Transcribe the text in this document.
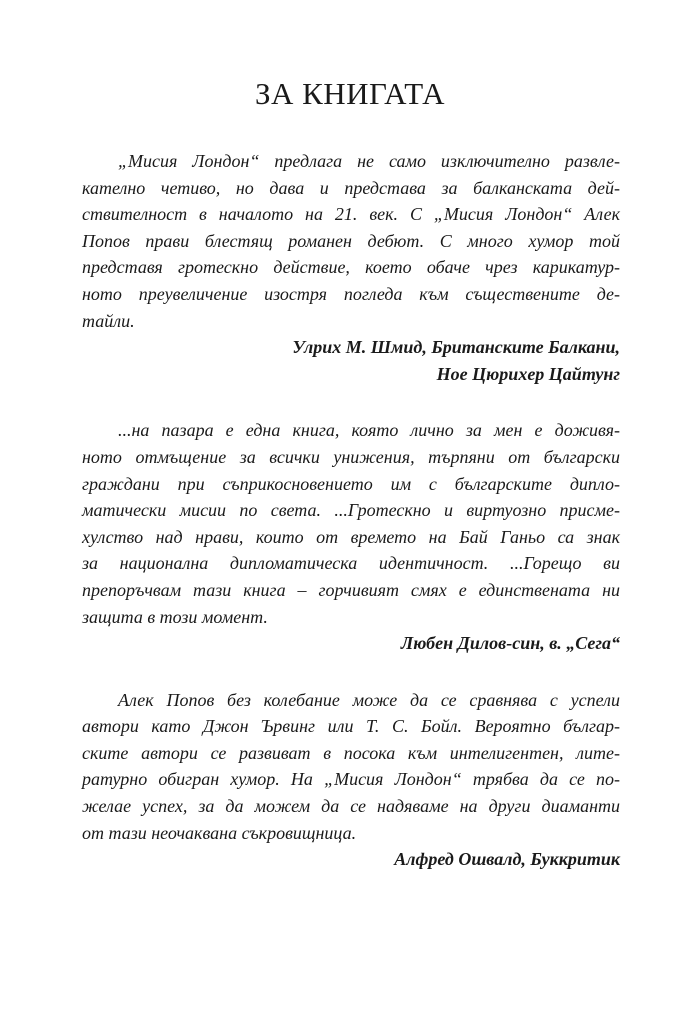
ЗА КНИГАТА

„Мисия Лондон“ предлага не само изключително развле-
кателно четиво, но дава и представа за балканската дей-
ствителност в началото на 21. век. С „Мисия Лондон“ Алек
Попов прави блестящ романен дебют. С много хумор той
представя гротескно действие, което обаче чрез карикатур-
ното преувеличение изостря погледа към съществените де-
тайли.

Улрих М. Шмид, Британските Балкани,
Ное Цюрихер Цайтунг

...на пазара е една книга, която лично за мен е доживя-
ното отмъщение за всички унижения, търпяни от български
граждани при съприкосновението им с българските дипло-
матически мисии по света. ...Гротескно и виртуозно присме-
хулство над нрави, които от времето на Бай Ганьо са знак
за национална дипломатическа идентичност. ...Горещо ви
препоръчвам тази книга – горчивият смях е единствената ни
защита в този момент.

Любен Дилов-син, в. „Сега“

Алек Попов без колебание може да се сравнява с успели
автори като Джон Ървинг или Т. С. Бойл. Вероятно българ-
ските автори се развиват в посока към интелигентен, лите-
ратурно обигран хумор. На „Мисия Лондон“ трябва да се по-
желае успех, за да можем да се надяваме на други диаманти
от тази неочаквана съкровищница.

Алфред Ошвалд, Буккритик
